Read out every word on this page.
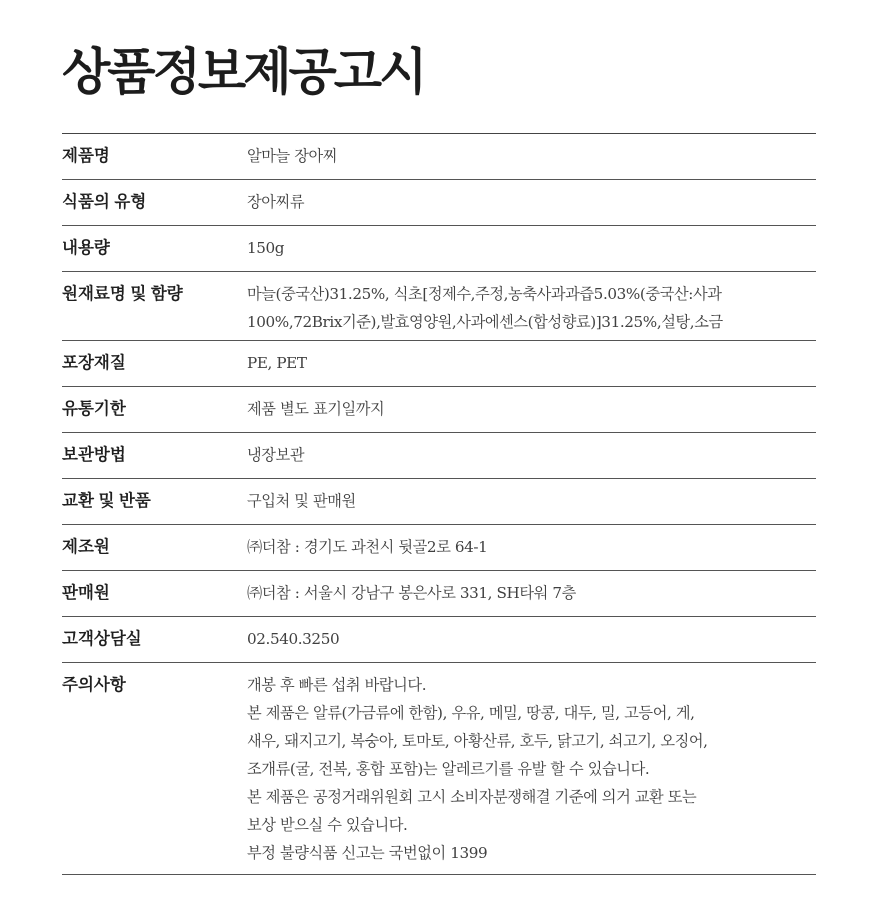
상품정보제공고시
제품명	알마늘 장아찌
식품의 유형	장아찌류
내용량	150g
원재료명 및 함량	마늘(중국산)31.25%, 식초[정제수,주정,농축사과과즙5.03%(중국산:사과
100%,72Brix기준),발효영양원,사과에센스(합성향료)]31.25%,설탕,소금
포장재질	PE, PET
유통기한	제품 별도 표기일까지
보관방법	냉장보관
교환 및 반품	구입처 및 판매원
제조원	㈜더참 : 경기도 과천시 뒷골2로 64-1
판매원	㈜더참 : 서울시 강남구 봉은사로 331, SH타워 7층
고객상담실	02.540.3250
주의사항	개봉 후 빠른 섭취 바랍니다.
본 제품은 알류(가금류에 한함), 우유, 메밀, 땅콩, 대두, 밀, 고등어, 게,
새우, 돼지고기, 복숭아, 토마토, 아황산류, 호두, 닭고기, 쇠고기, 오징어,
조개류(굴, 전복, 홍합 포함)는 알레르기를 유발 할 수 있습니다.
본 제품은 공정거래위원회 고시 소비자분쟁해결 기준에 의거 교환 또는
보상 받으실 수 있습니다.
부정 불량식품 신고는 국번없이 1399
